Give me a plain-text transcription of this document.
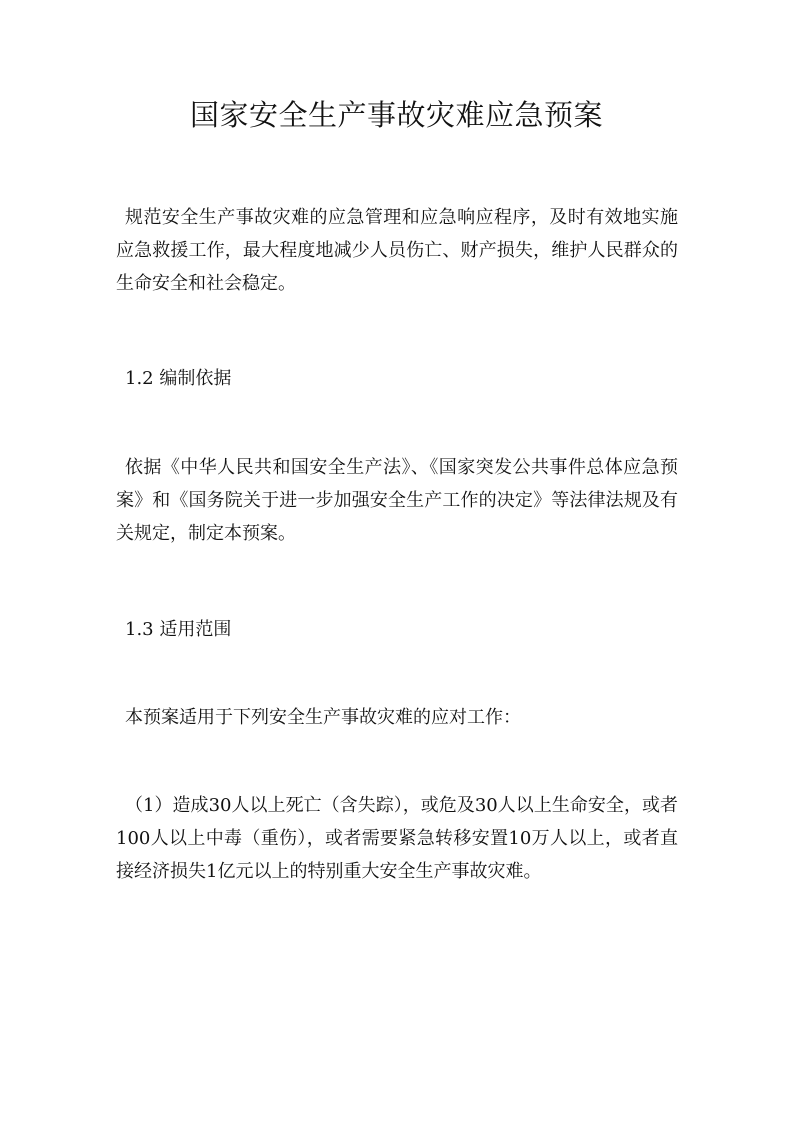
国家安全生产事故灾难应急预案

规范安全生产事故灾难的应急管理和应急响应程序，及时有效地实施应急救援工作，最大程度地减少人员伤亡、财产损失，维护人民群众的生命安全和社会稳定。

1.2 编制依据

依据《中华人民共和国安全生产法》、《国家突发公共事件总体应急预案》和《国务院关于进一步加强安全生产工作的决定》等法律法规及有关规定，制定本预案。

1.3 适用范围

本预案适用于下列安全生产事故灾难的应对工作：

（1）造成30人以上死亡（含失踪），或危及30人以上生命安全，或者100人以上中毒（重伤），或者需要紧急转移安置10万人以上，或者直接经济损失1亿元以上的特别重大安全生产事故灾难。
